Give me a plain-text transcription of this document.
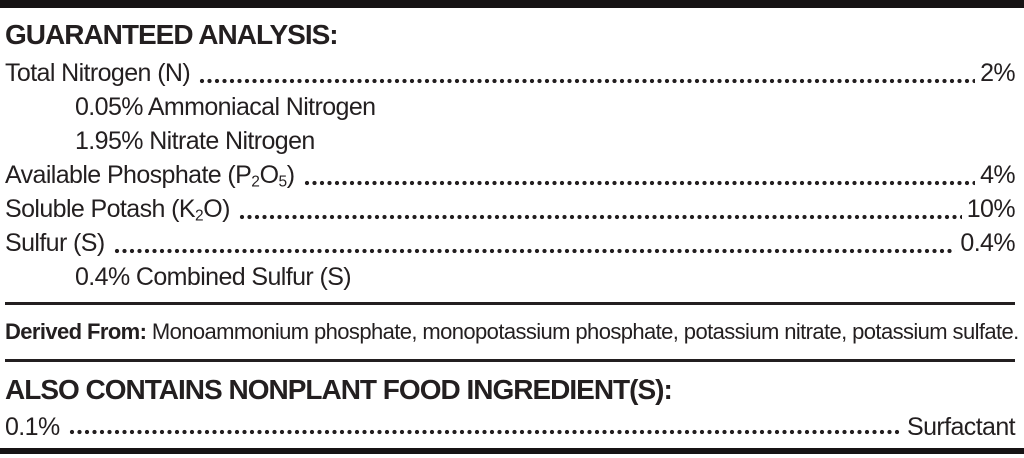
GUARANTEED ANALYSIS:
Total Nitrogen (N)	2%
0.05% Ammoniacal Nitrogen
1.95% Nitrate Nitrogen
Available Phosphate $(P_2O_5)$	4%
Soluble Potash $(K_2O)$	10%
Sulfur (S)	0.4%
0.4% Combined Sulfur (S)
Derived From: Monoammonium phosphate, monopotassium phosphate, potassium nitrate, potassium sulfate.
ALSO CONTAINS NONPLANT FOOD INGREDIENT(S):
0.1%	Surfactant
